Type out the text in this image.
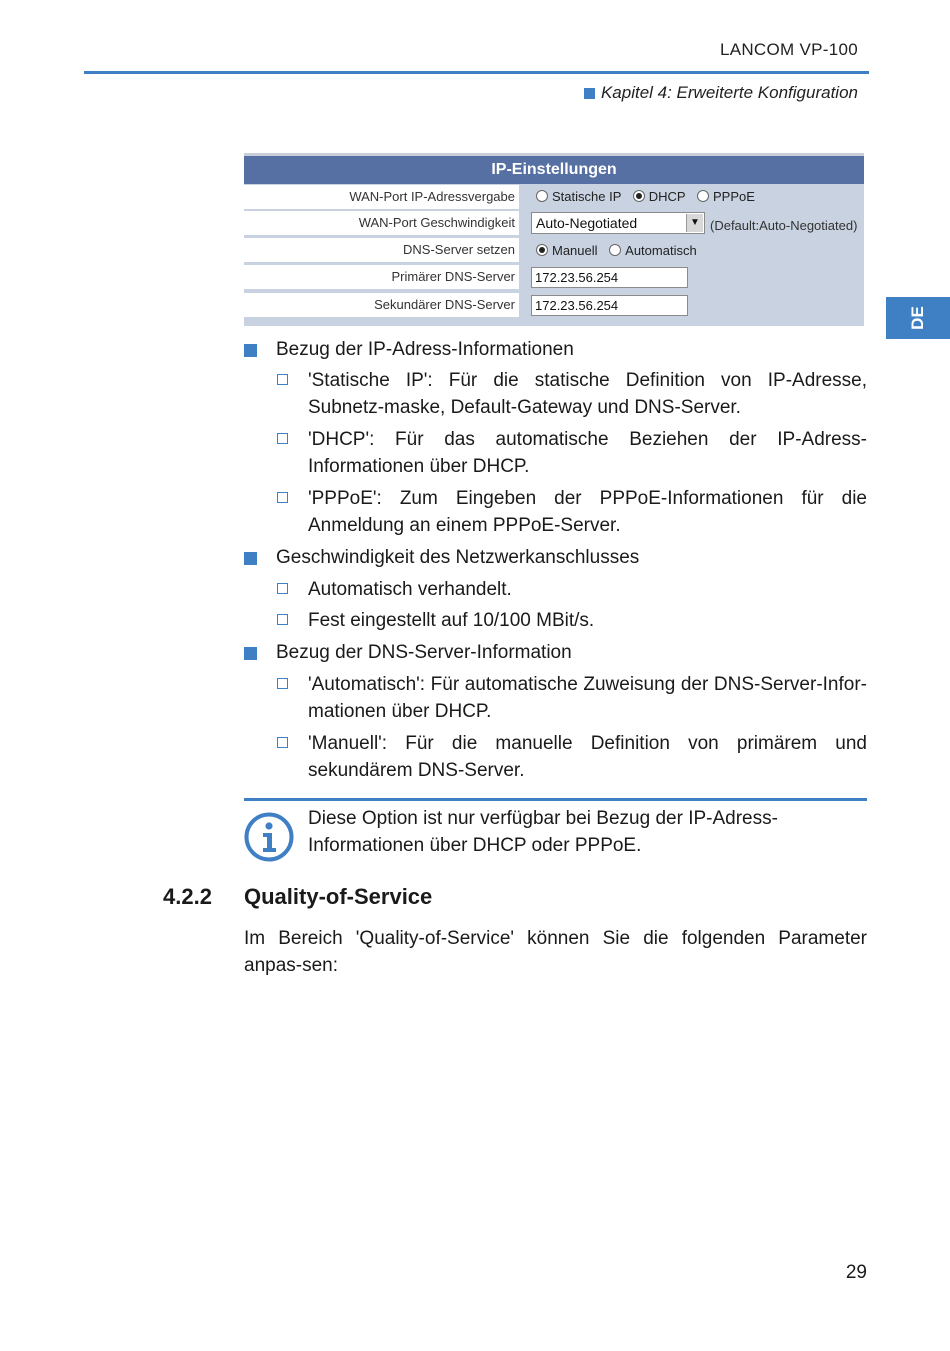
LANCOM VP-100
Kapitel 4: Erweiterte Konfiguration
DE
IP-Einstellungen
WAN-Port IP-Adressvergabe	Statische IP DHCP PPPoE
WAN-Port Geschwindigkeit	Auto-Negotiated	▼ (Default:Auto-Negotiated)
DNS-Server setzen	Manuell Automatisch
Primärer DNS-Server	172.23.56.254
Sekundärer DNS-Server	172.23.56.254
Bezug der IP-Adress-Informationen
'Statische IP': Für die statische Definition von IP-Adresse, Subnetz-maske, Default-Gateway und DNS-Server.
'DHCP': Für das automatische Beziehen der IP-Adress-Informationen über DHCP.
'PPPoE': Zum Eingeben der PPPoE-Informationen für die Anmeldung an einem PPPoE-Server.
Geschwindigkeit des Netzwerkanschlusses
Automatisch verhandelt.
Fest eingestellt auf 10/100 MBit/s.
Bezug der DNS-Server-Information
'Automatisch': Für automatische Zuweisung der DNS-Server-Infor-mationen über DHCP.
'Manuell': Für die manuelle Definition von primärem und sekundärem DNS-Server.
Diese Option ist nur verfügbar bei Bezug der IP-Adress-Informationen über DHCP oder PPPoE.
4.2.2 Quality-of-Service
Im Bereich 'Quality-of-Service' können Sie die folgenden Parameter anpas-sen:
29
